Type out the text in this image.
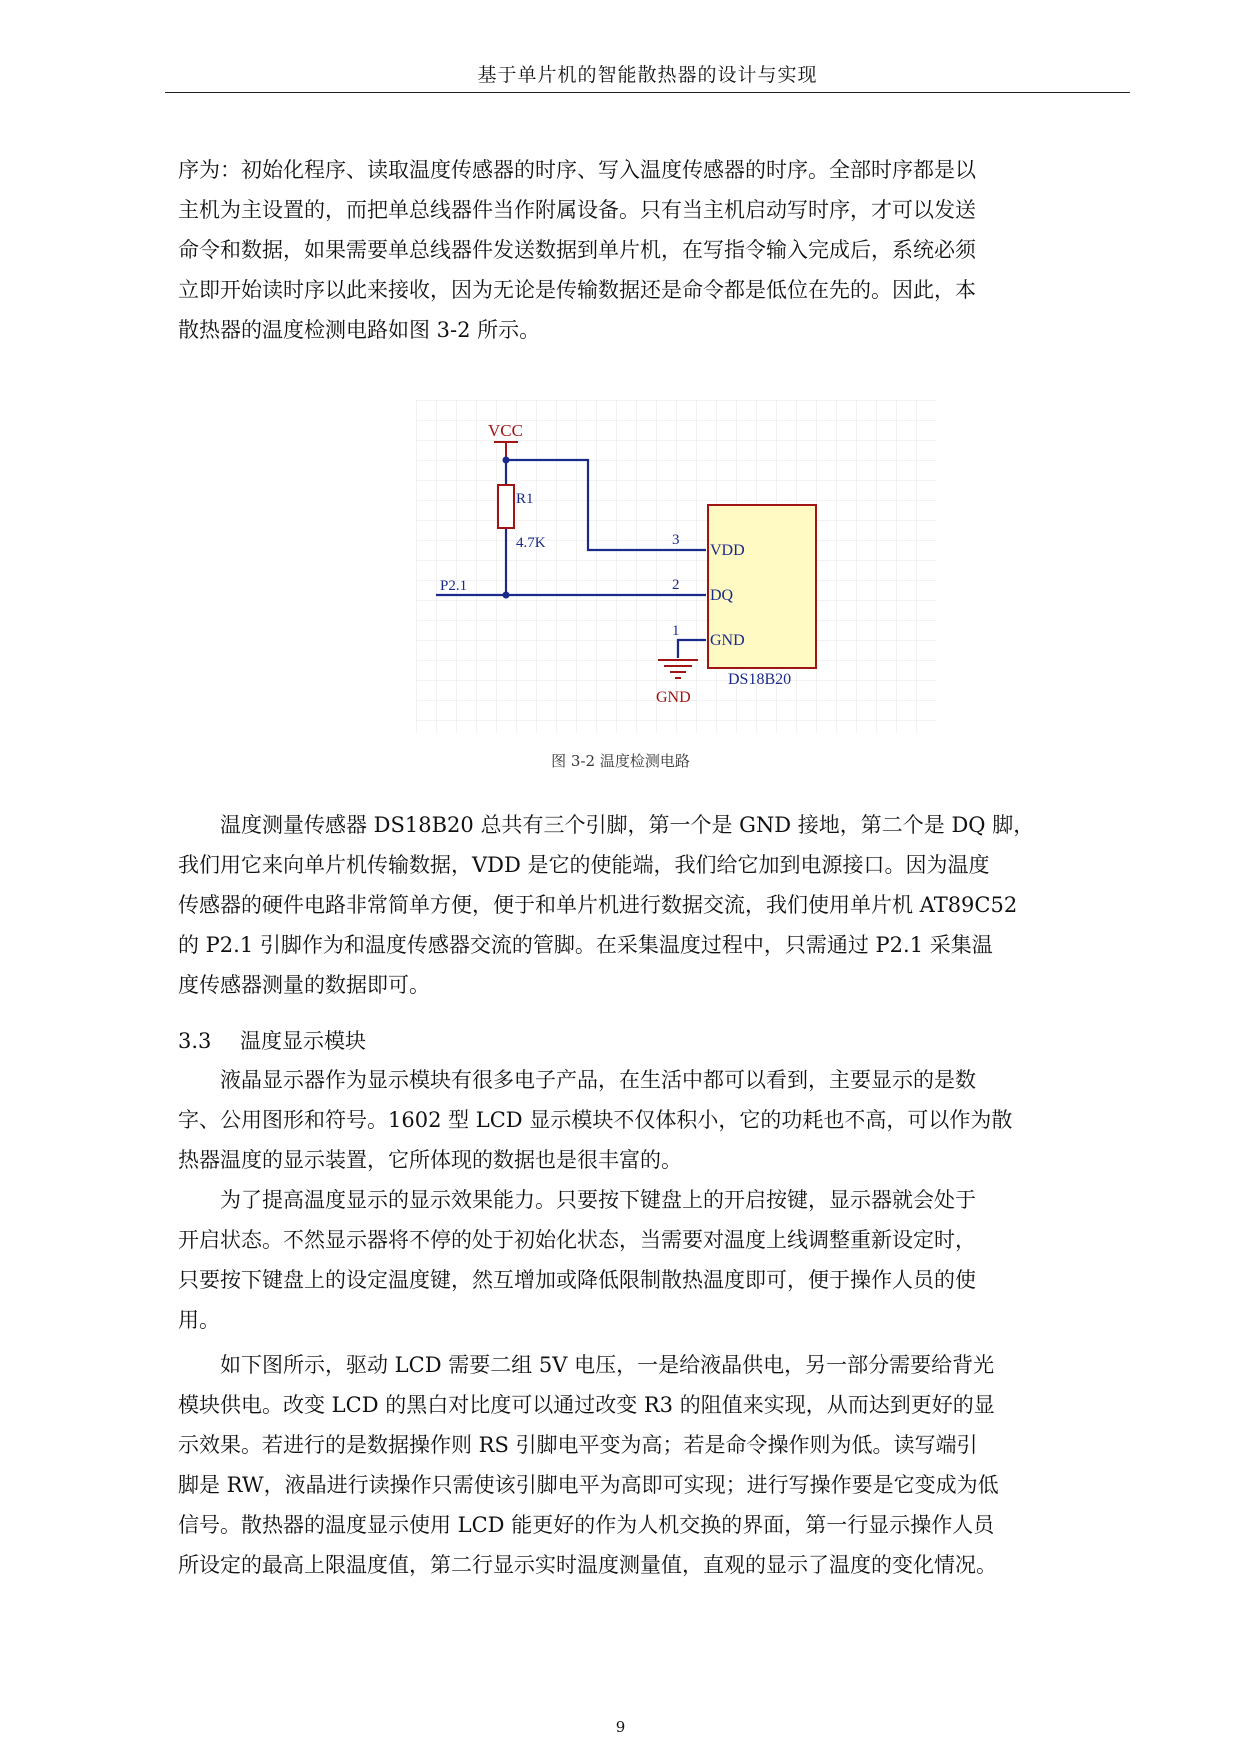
基于单片机的智能散热器的设计与实现
序为：初始化程序、读取温度传感器的时序、写入温度传感器的时序。全部时序都是以
主机为主设置的，而把单总线器件当作附属设备。只有当主机启动写时序，才可以发送
命令和数据，如果需要单总线器件发送数据到单片机，在写指令输入完成后，系统必须
立即开始读时序以此来接收，因为无论是传输数据还是命令都是低位在先的。因此，本
散热器的温度检测电路如图 3-2 所示。
VCC
R1
4.7K
P2.1
3
2
1
VDD
DQ
GND
DS18B20
GND
图 3-2 温度检测电路
　　温度测量传感器 DS18B20 总共有三个引脚，第一个是 GND 接地，第二个是 DQ 脚，
我们用它来向单片机传输数据，VDD 是它的使能端，我们给它加到电源接口。因为温度
传感器的硬件电路非常简单方便，便于和单片机进行数据交流，我们使用单片机 AT89C52
的 P2.1 引脚作为和温度传感器交流的管脚。在采集温度过程中，只需通过 P2.1 采集温
度传感器测量的数据即可。
3.3 温度显示模块
　　液晶显示器作为显示模块有很多电子产品，在生活中都可以看到，主要显示的是数
字、公用图形和符号。1602 型 LCD 显示模块不仅体积小，它的功耗也不高，可以作为散
热器温度的显示装置，它所体现的数据也是很丰富的。
　　为了提高温度显示的显示效果能力。只要按下键盘上的开启按键，显示器就会处于
开启状态。不然显示器将不停的处于初始化状态，当需要对温度上线调整重新设定时，
只要按下键盘上的设定温度键，然互增加或降低限制散热温度即可，便于操作人员的使
用。
　　如下图所示，驱动 LCD 需要二组 5V 电压，一是给液晶供电，另一部分需要给背光
模块供电。改变 LCD 的黑白对比度可以通过改变 R3 的阻值来实现，从而达到更好的显
示效果。若进行的是数据操作则 RS 引脚电平变为高；若是命令操作则为低。读写端引
脚是 RW，液晶进行读操作只需使该引脚电平为高即可实现；进行写操作要是它变成为低
信号。散热器的温度显示使用 LCD 能更好的作为人机交换的界面，第一行显示操作人员
所设定的最高上限温度值，第二行显示实时温度测量值，直观的显示了温度的变化情况。
9
